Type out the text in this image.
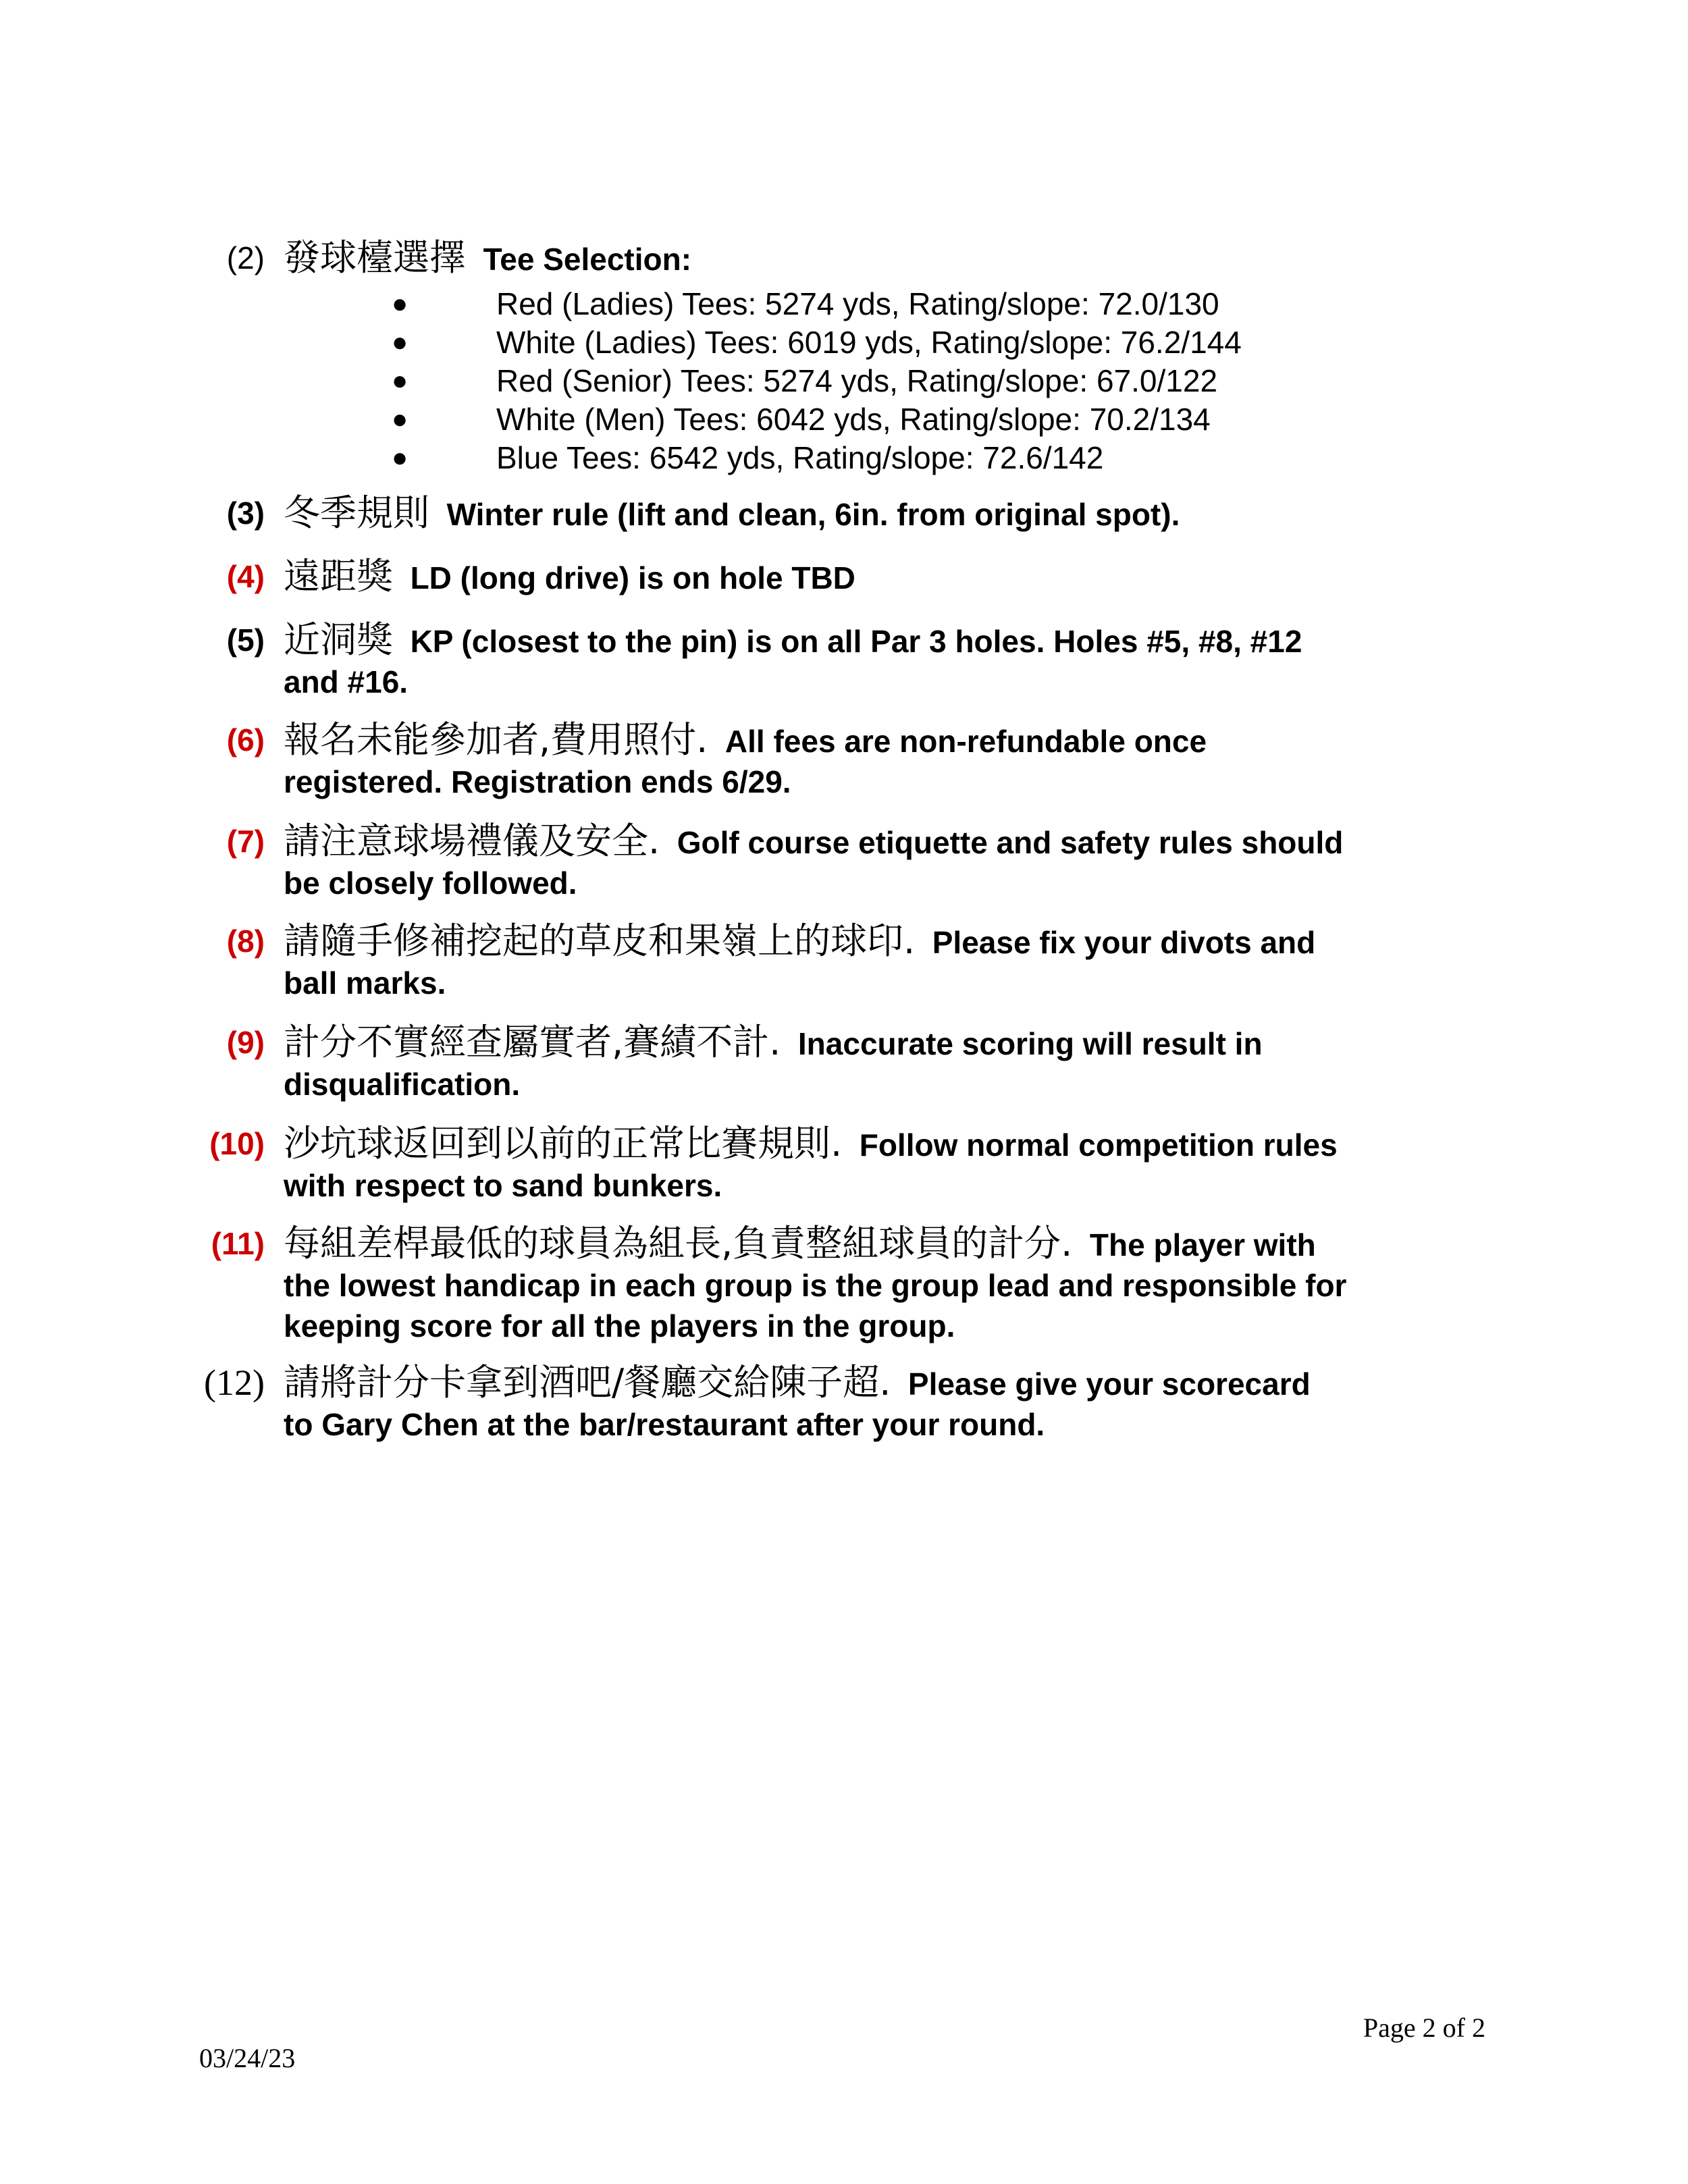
(2) 發球檯選擇 Tee Selection:
●	Red (Ladies) Tees: 5274 yds, Rating/slope: 72.0/130
●	White (Ladies) Tees: 6019 yds, Rating/slope: 76.2/144
●	Red (Senior) Tees: 5274 yds, Rating/slope: 67.0/122
●	White (Men) Tees: 6042 yds, Rating/slope: 70.2/134
●	Blue Tees: 6542 yds, Rating/slope: 72.6/142
(3) 冬季規則 Winter rule (lift and clean, 6in. from original spot).
(4) 遠距獎 LD (long drive) is on hole TBD
(5) 近洞獎 KP (closest to the pin) is on all Par 3 holes. Holes #5, #8, #12
and #16.
(6) 報名未能參加者,費用照付. All fees are non-refundable once
registered. Registration ends 6/29.
(7) 請注意球場禮儀及安全. Golf course etiquette and safety rules should
be closely followed.
(8) 請隨手修補挖起的草皮和果嶺上的球印. Please fix your divots and
ball marks.
(9) 計分不實經查屬實者,賽績不計. Inaccurate scoring will result in
disqualification.
(10) 沙坑球返回到以前的正常比賽規則. Follow normal competition rules
with respect to sand bunkers.
(11) 每組差桿最低的球員為組長,負責整組球員的計分. The player with
the lowest handicap in each group is the group lead and responsible for
keeping score for all the players in the group.
(12) 請將計分卡拿到酒吧/餐廳交給陳子超. Please give your scorecard
to Gary Chen at the bar/restaurant after your round.
Page 2 of 2
03/24/23
